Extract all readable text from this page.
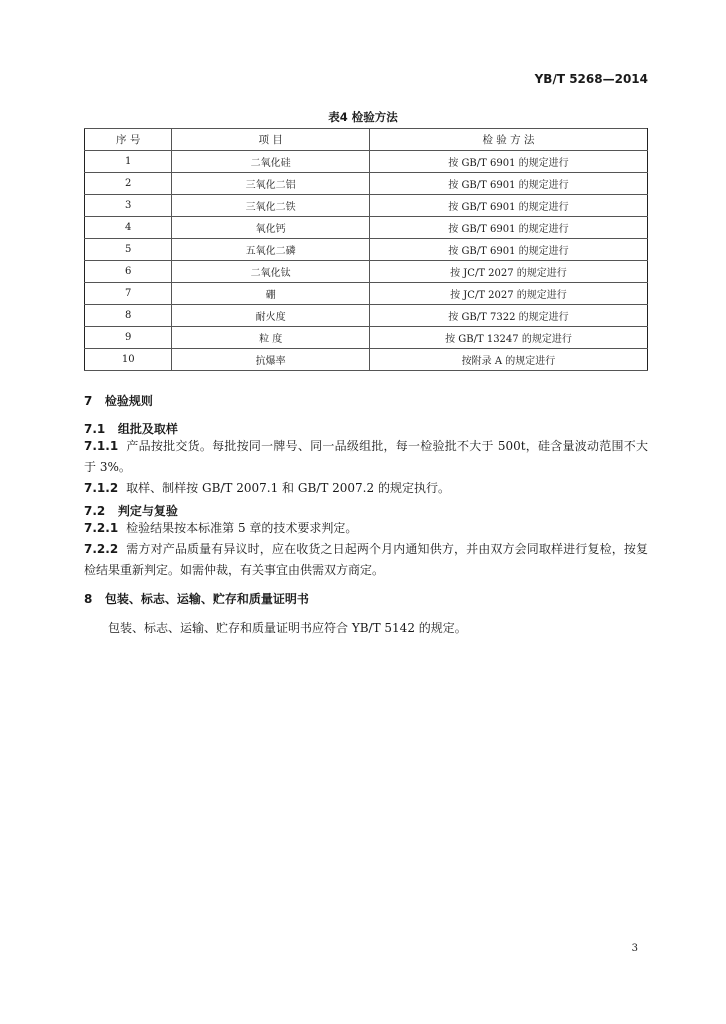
YB/T 5268—2014
表4 检验方法
序 号	项 目	检 验 方 法
1	二氧化硅	按 GB/T 6901 的规定进行
2	三氧化二铝	按 GB/T 6901 的规定进行
3	三氧化二铁	按 GB/T 6901 的规定进行
4	氧化钙	按 GB/T 6901 的规定进行
5	五氧化二磷	按 GB/T 6901 的规定进行
6	二氧化钛	按 JC/T 2027 的规定进行
7	硼	按 JC/T 2027 的规定进行
8	耐火度	按 GB/T 7322 的规定进行
9	粒 度	按 GB/T 13247 的规定进行
10	抗爆率	按附录 A 的规定进行
7 检验规则
7.1 组批及取样
7.1.1 产品按批交货。每批按同一牌号、同一品级组批，每一检验批不大于 500t，硅含量波动范围不大于 3%。
7.1.2 取样、制样按 GB/T 2007.1 和 GB/T 2007.2 的规定执行。
7.2 判定与复验
7.2.1 检验结果按本标准第 5 章的技术要求判定。
7.2.2 需方对产品质量有异议时，应在收货之日起两个月内通知供方，并由双方会同取样进行复检，按复检结果重新判定。如需仲裁，有关事宜由供需双方商定。
8 包装、标志、运输、贮存和质量证明书
包装、标志、运输、贮存和质量证明书应符合 YB/T 5142 的规定。
3
